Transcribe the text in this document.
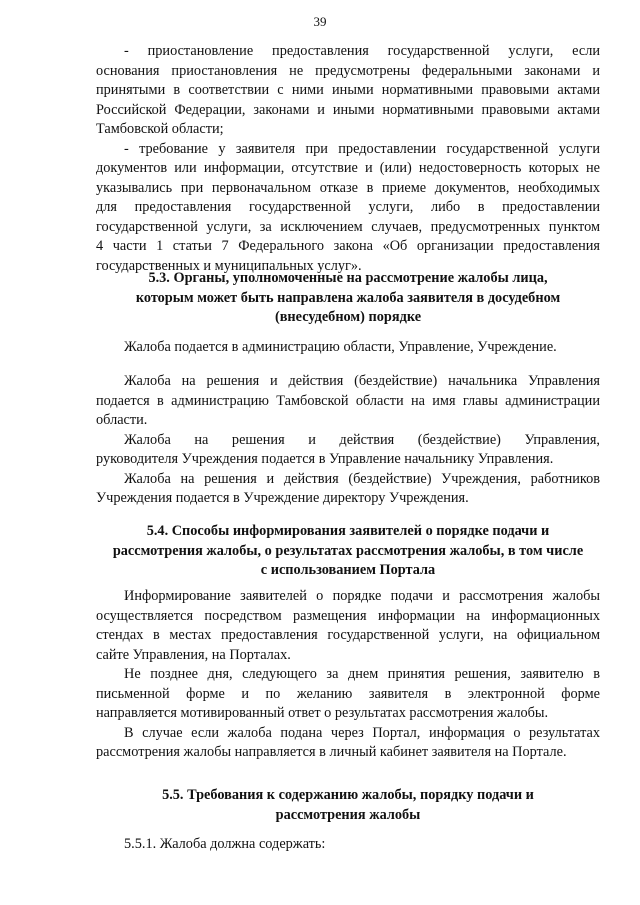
39
- приостановление предоставления государственной услуги, если
основания приостановления не предусмотрены федеральными законами и
принятыми в соответствии с ними иными нормативными правовыми актами
Российской Федерации, законами и иными нормативными правовыми актами
Тамбовской области;
- требование у заявителя при предоставлении государственной услуги
документов или информации, отсутствие и (или) недостоверность которых не
указывались при первоначальном отказе в приеме документов, необходимых
для предоставления государственной услуги, либо в предоставлении
государственной услуги, за исключением случаев, предусмотренных пунктом
4 части 1 статьи 7 Федерального закона «Об организации предоставления
государственных и муниципальных услуг».
5.3. Органы, уполномоченные на рассмотрение жалобы лица,
которым может быть направлена жалоба заявителя в досудебном
(внесудебном) порядке
Жалоба подается в администрацию области, Управление, Учреждение.
Жалоба на решения и действия (бездействие) начальника Управления
подается в администрацию Тамбовской области на имя главы администрации
области.
Жалоба на решения и действия (бездействие) Управления,
руководителя Учреждения подается в Управление начальнику Управления.
Жалоба на решения и действия (бездействие) Учреждения, работников
Учреждения подается в Учреждение директору Учреждения.
5.4. Способы информирования заявителей о порядке подачи и
рассмотрения жалобы, о результатах рассмотрения жалобы, в том числе
с использованием Портала
Информирование заявителей о порядке подачи и рассмотрения жалобы
осуществляется посредством размещения информации на информационных
стендах в местах предоставления государственной услуги, на официальном
сайте Управления, на Порталах.
Не позднее дня, следующего за днем принятия решения, заявителю в
письменной форме и по желанию заявителя в электронной форме
направляется мотивированный ответ о результатах рассмотрения жалобы.
В случае если жалоба подана через Портал, информация о результатах
рассмотрения жалобы направляется в личный кабинет заявителя на Портале.
5.5. Требования к содержанию жалобы, порядку подачи и
рассмотрения жалобы
5.5.1. Жалоба должна содержать:
